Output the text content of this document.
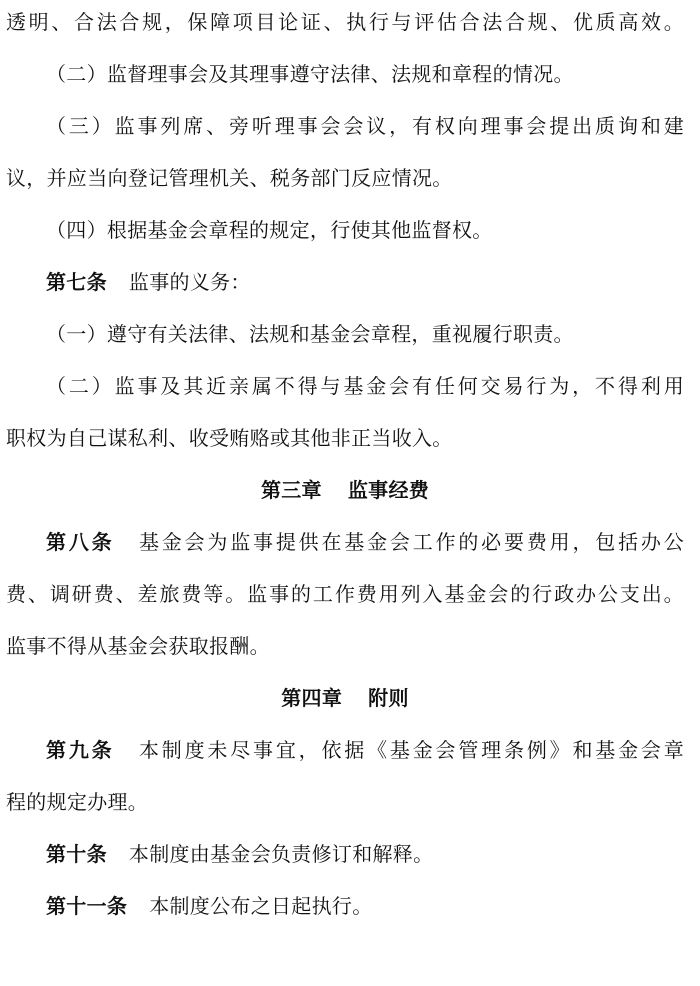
透明、合法合规，保障项目论证、执行与评估合法合规、优质高效。
（二）监督理事会及其理事遵守法律、法规和章程的情况。
（三）监事列席、旁听理事会会议，有权向理事会提出质询和建
议，并应当向登记管理机关、税务部门反应情况。
（四）根据基金会章程的规定，行使其他监督权。
第七条 监事的义务：
（一）遵守有关法律、法规和基金会章程，重视履行职责。
（二）监事及其近亲属不得与基金会有任何交易行为，不得利用
职权为自己谋私利、收受贿赂或其他非正当收入。
第三章 监事经费
第八条 基金会为监事提供在基金会工作的必要费用，包括办公
费、调研费、差旅费等。监事的工作费用列入基金会的行政办公支出。
监事不得从基金会获取报酬。
第四章 附则
第九条 本制度未尽事宜，依据《基金会管理条例》和基金会章
程的规定办理。
第十条 本制度由基金会负责修订和解释。
第十一条 本制度公布之日起执行。
